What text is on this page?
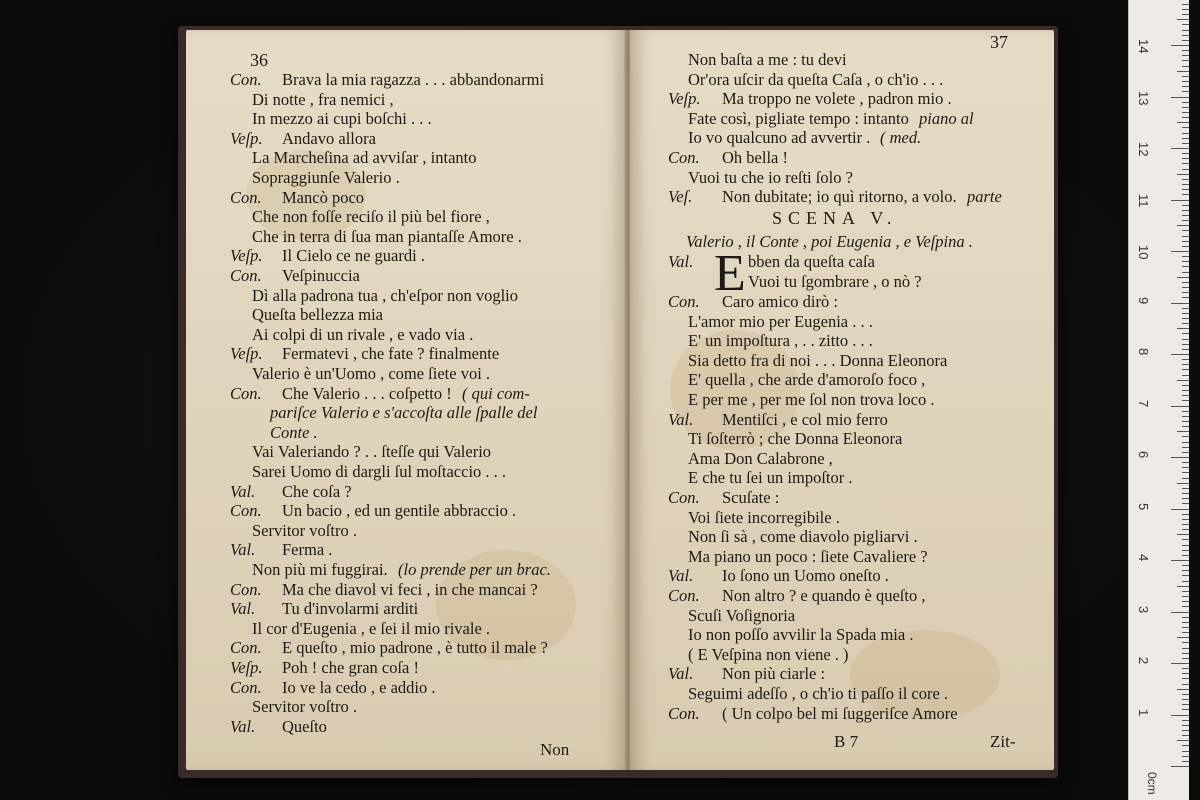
36
Con. Brava la mia ragazza . . . abbandonarmi
Di notte , fra nemici ,
In mezzo ai cupi boſchi . . .
Veſp. Andavo allora
La Marcheſina ad avviſar , intanto
Sopraggiunſe Valerio .
Con. Mancò poco
Che non foſſe reciſo il più bel fiore ,
Che in terra di ſua man piantaſſe Amore .
Veſp. Il Cielo ce ne guardi .
Con. Veſpinuccia
Dì alla padrona tua , ch'eſpor non voglio
Queſta bellezza mia
Ai colpi di un rivale , e vado via .
Veſp. Fermatevi , che fate ? finalmente
Valerio è un'Uomo , come ſiete voi .
Con. Che Valerio . . . coſpetto ! ( qui com-
pariſce Valerio e s'accoſta alle ſpalle del
Conte .
Vai Valeriando ? . . ſteſſe qui Valerio
Sarei Uomo di dargli ſul moſtaccio . . .
Val. Che coſa ?
Con. Un bacio , ed un gentile abbraccio .
Servitor voſtro .
Val. Ferma .
Non più mi fuggirai. (lo prende per un brac.
Con. Ma che diavol vi feci , in che mancai ?
Val. Tu d'involarmi arditi
Il cor d'Eugenia , e ſei il mio rivale .
Con. E queſto , mio padrone , è tutto il male ?
Veſp. Poh ! che gran coſa !
Con. Io ve la cedo , e addio .
Servitor voſtro .
Val. Queſto
Non
37
Non baſta a me : tu devi
Or'ora uſcir da queſta Caſa , o ch'io . . .
Veſp. Ma troppo ne volete , padron mio .
Fate così, pigliate tempo : intanto piano al
Io vo qualcuno ad avvertir . ( med.
Con. Oh bella !
Vuoi tu che io reſti ſolo ?
Veſ. Non dubitate; io quì ritorno, a volo. parte
SCENA V.
Valerio , il Conte , poi Eugenia , e Veſpina .
Val. E bben da queſta caſa
Vuoi tu ſgombrare , o nò ?
Con. Caro amico dirò :
L'amor mio per Eugenia . . .
E' un impoſtura , . . zitto . . .
Sia detto fra di noi . . . Donna Eleonora
E' quella , che arde d'amoroſo foco ,
E per me , per me ſol non trova loco .
Val. Mentiſci , e col mio ferro
Ti ſoſterrò ; che Donna Eleonora
Ama Don Calabrone ,
E che tu ſei un impoſtor .
Con. Scuſate :
Voi ſiete incorregibile .
Non ſi sà , come diavolo pigliarvi .
Ma piano un poco : ſiete Cavaliere ?
Val. Io ſono un Uomo oneſto .
Con. Non altro ? e quando è queſto ,
Scuſi Voſignoria
Io non poſſo avvilir la Spada mia .
( E Veſpina non viene . )
Val. Non più ciarle :
Seguimi adeſſo , o ch'io ti paſſo il core .
Con. ( Un colpo bel mi ſuggeriſce Amore
B 7	Zit-
1
2
3
4
5
6
7
8
9
10
11
12
13
14
0cm
